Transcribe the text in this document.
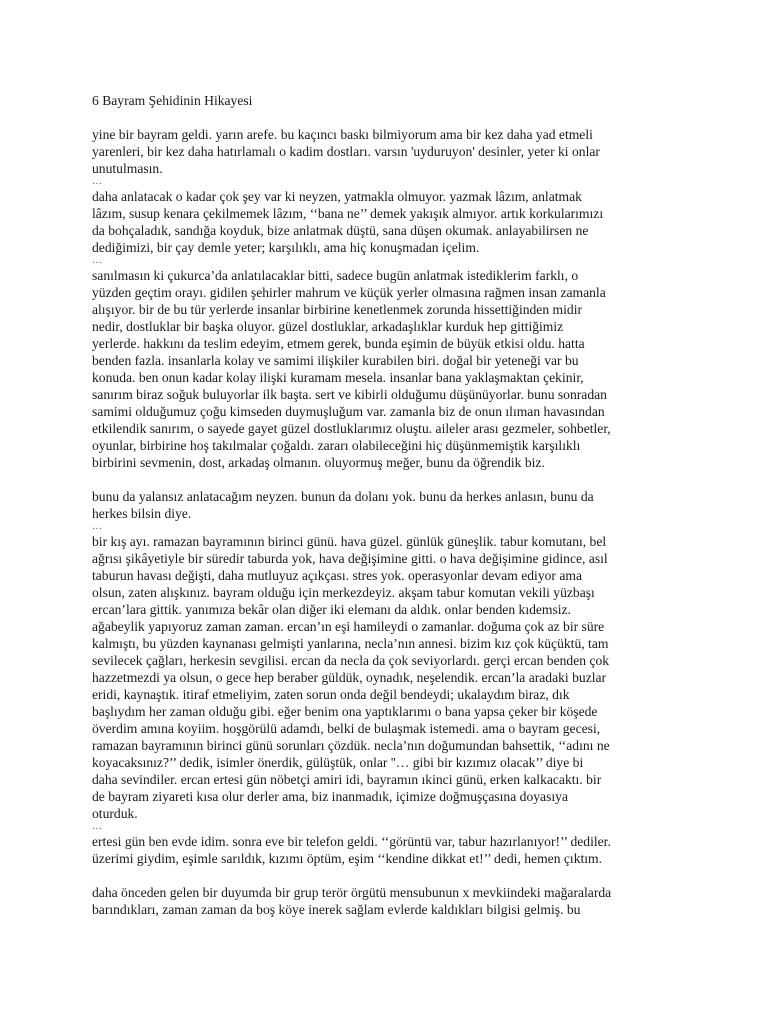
6 Bayram Şehidinin Hikayesi

yine bir bayram geldi. yarın arefe. bu kaçıncı baskı bilmiyorum ama bir kez daha yad etmeli
yarenleri, bir kez daha hatırlamalı o kadim dostları. varsın 'uyduruyon' desinler, yeter ki onlar
unutulmasın.

…

daha anlatacak o kadar çok şey var ki neyzen, yatmakla olmuyor. yazmak lâzım, anlatmak
lâzım, susup kenara çekilmemek lâzım, ‘‘bana ne’’ demek yakışık almıyor. artık korkularımızı
da bohçaladık, sandığa koyduk, bize anlatmak düştü, sana düşen okumak. anlayabilirsen ne
dediğimizi, bir çay demle yeter; karşılıklı, ama hiç konuşmadan içelim.

…

sanılmasın ki çukurca’da anlatılacaklar bitti, sadece bugün anlatmak istediklerim farklı, o
yüzden geçtim orayı. gidilen şehirler mahrum ve küçük yerler olmasına rağmen insan zamanla
alışıyor. bir de bu tür yerlerde insanlar birbirine kenetlenmek zorunda hissettiğinden midir
nedir, dostluklar bir başka oluyor. güzel dostluklar, arkadaşlıklar kurduk hep gittiğimiz
yerlerde. hakkını da teslim edeyim, etmem gerek, bunda eşimin de büyük etkisi oldu. hatta
benden fazla. insanlarla kolay ve samimi ilişkiler kurabilen biri. doğal bir yeteneği var bu
konuda. ben onun kadar kolay ilişki kuramam mesela. insanlar bana yaklaşmaktan çekinir,
sanırım biraz soğuk buluyorlar ilk başta. sert ve kibirli olduğumu düşünüyorlar. bunu sonradan
samimi olduğumuz çoğu kimseden duymuşluğum var. zamanla biz de onun ılıman havasından
etkilendik sanırım, o sayede gayet güzel dostluklarımız oluştu. aileler arası gezmeler, sohbetler,
oyunlar, birbirine hoş takılmalar çoğaldı. zararı olabileceğini hiç düşünmemiştik karşılıklı
birbirini sevmenin, dost, arkadaş olmanın. oluyormuş meğer, bunu da öğrendik biz.

bunu da yalansız anlatacağım neyzen. bunun da dolanı yok. bunu da herkes anlasın, bunu da
herkes bilsin diye.

…

bir kış ayı. ramazan bayramının birinci günü. hava güzel. günlük güneşlik. tabur komutanı, bel
ağrısı şikâyetiyle bir süredir taburda yok, hava değişimine gitti. o hava değişimine gidince, asıl
taburun havası değişti, daha mutluyuz açıkçası. stres yok. operasyonlar devam ediyor ama
olsun, zaten alışkınız. bayram olduğu için merkezdeyiz. akşam tabur komutan vekili yüzbaşı
ercan’lara gittik. yanımıza bekâr olan diğer iki elemanı da aldık. onlar benden kıdemsiz.
ağabeylik yapıyoruz zaman zaman. ercan’ın eşi hamileydi o zamanlar. doğuma çok az bir süre
kalmıştı, bu yüzden kaynanası gelmişti yanlarına, necla’nın annesi. bizim kız çok küçüktü, tam
sevilecek çağları, herkesin sevgilisi. ercan da necla da çok seviyorlardı. gerçi ercan benden çok
hazzetmezdi ya olsun, o gece hep beraber güldük, oynadık, neşelendik. ercan’la aradaki buzlar
eridi, kaynaştık. itiraf etmeliyim, zaten sorun onda değil bendeydi; ukalaydım biraz, dık
başlıydım her zaman olduğu gibi. eğer benim ona yaptıklarımı o bana yapsa çeker bir köşede
överdim amına koyiim. hoşgörülü adamdı, belki de bulaşmak istemedi. ama o bayram gecesi,
ramazan bayramının birinci günü sorunları çözdük. necla’nın doğumundan bahsettik, ‘‘adını ne
koyacaksınız?’’ dedik, isimler önerdik, gülüştük, onlar ''… gibi bir kızımız olacak’’ diye bi
daha sevindiler. ercan ertesi gün nöbetçi amiri idi, bayramın ıkinci günü, erken kalkacaktı. bir
de bayram ziyareti kısa olur derler ama, biz inanmadık, içimize doğmuşçasına doyasıya
oturduk.

…

ertesi gün ben evde idim. sonra eve bir telefon geldi. ‘‘görüntü var, tabur hazırlanıyor!’’ dediler.
üzerimi giydim, eşimle sarıldık, kızımı öptüm, eşim ‘‘kendine dikkat et!’’ dedi, hemen çıktım.

daha önceden gelen bir duyumda bir grup terör örgütü mensubunun x mevkiindeki mağaralarda
barındıkları, zaman zaman da boş köye inerek sağlam evlerde kaldıkları bilgisi gelmiş. bu
